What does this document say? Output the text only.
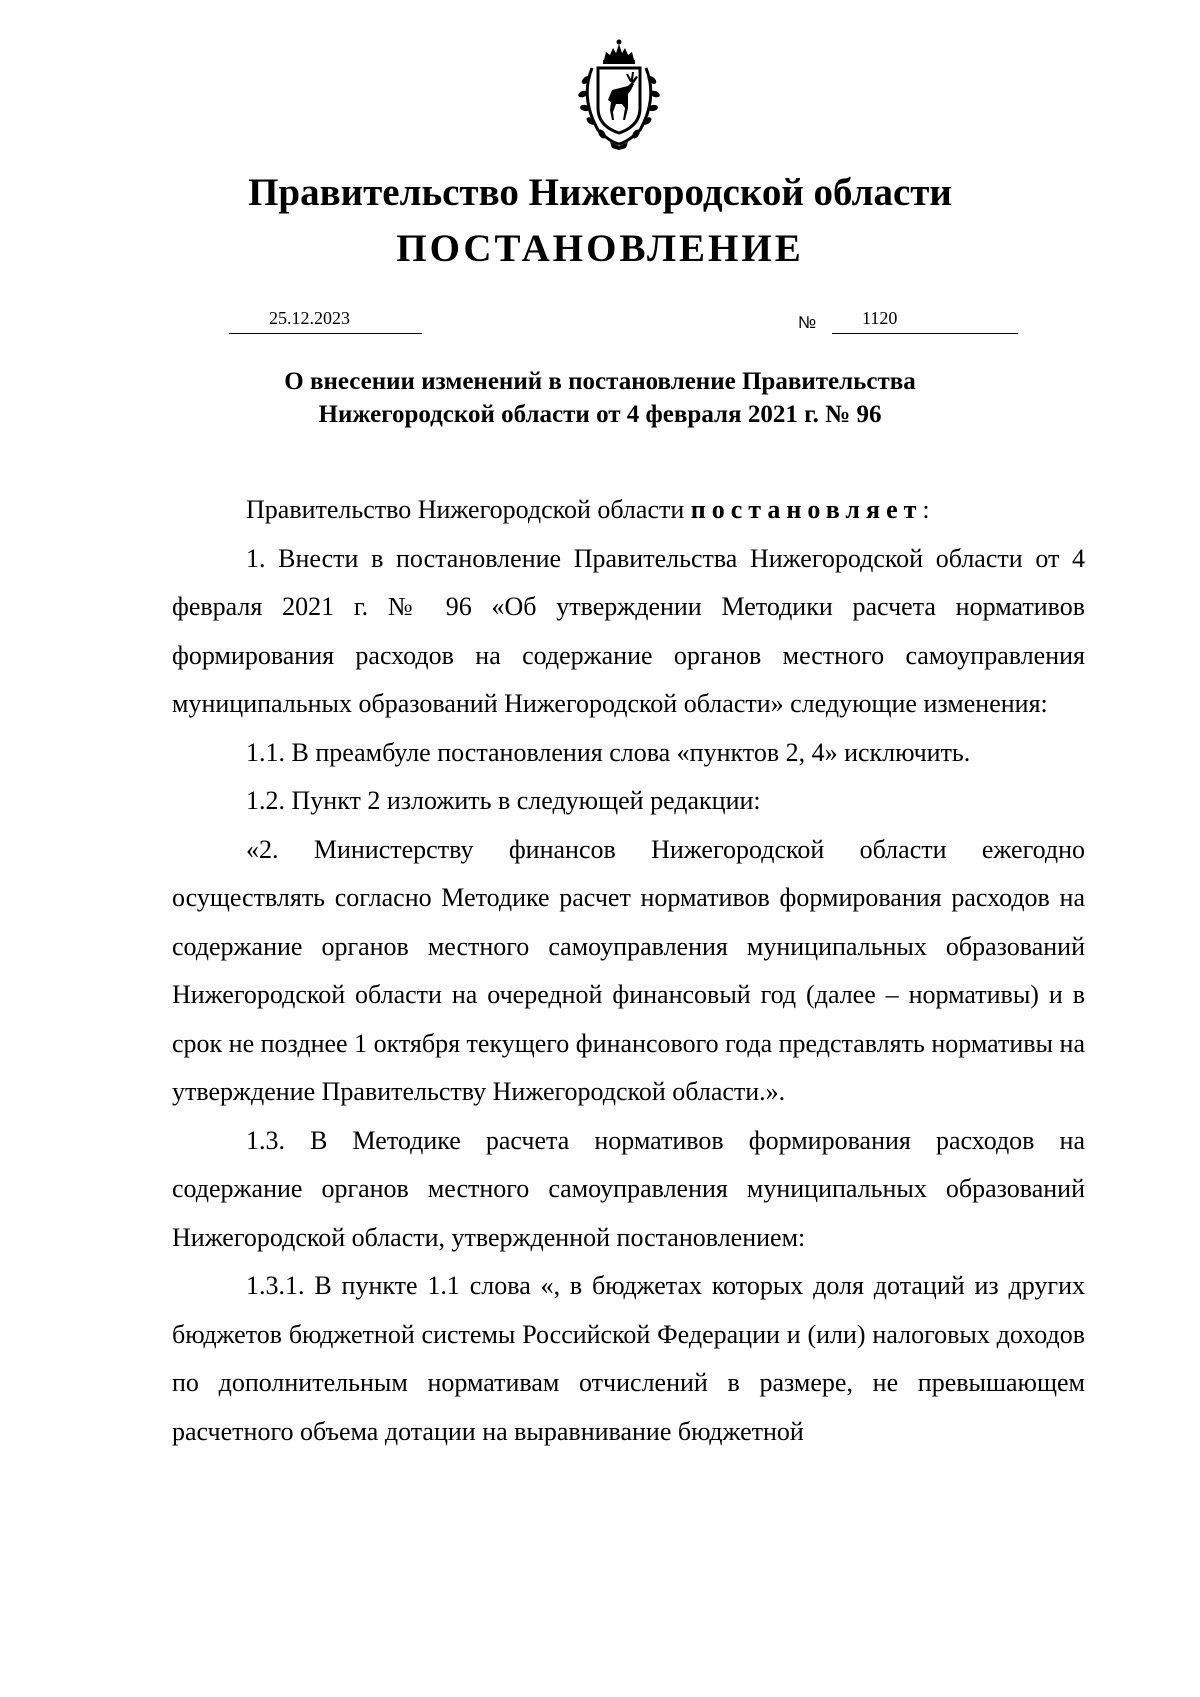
Правительство Нижегородской области
ПОСТАНОВЛЕНИЕ
25.12.2023	№	1120
О внесении изменений в постановление Правительства
Нижегородской области от 4 февраля 2021 г. № 96

Правительство Нижегородской области постановляет:

1. Внести в постановление Правительства Нижегородской области от 4 февраля 2021 г. № 96 «Об утверждении Методики расчета нормативов формирования расходов на содержание органов местного самоуправления муниципальных образований Нижегородской области» следующие изменения:

1.1. В преамбуле постановления слова «пунктов 2, 4» исключить.

1.2. Пункт 2 изложить в следующей редакции:

«2. Министерству финансов Нижегородской области ежегодно осуществлять согласно Методике расчет нормативов формирования расходов на содержание органов местного самоуправления муниципальных образований Нижегородской области на очередной финансовый год (далее – нормативы) и в срок не позднее 1 октября текущего финансового года представлять нормативы на утверждение Правительству Нижегородской области.».

1.3. В Методике расчета нормативов формирования расходов на содержание органов местного самоуправления муниципальных образований Нижегородской области, утвержденной постановлением:

1.3.1. В пункте 1.1 слова «, в бюджетах которых доля дотаций из других бюджетов бюджетной системы Российской Федерации и (или) налоговых доходов по дополнительным нормативам отчислений в размере, не превышающем расчетного объема дотации на выравнивание бюджетной
